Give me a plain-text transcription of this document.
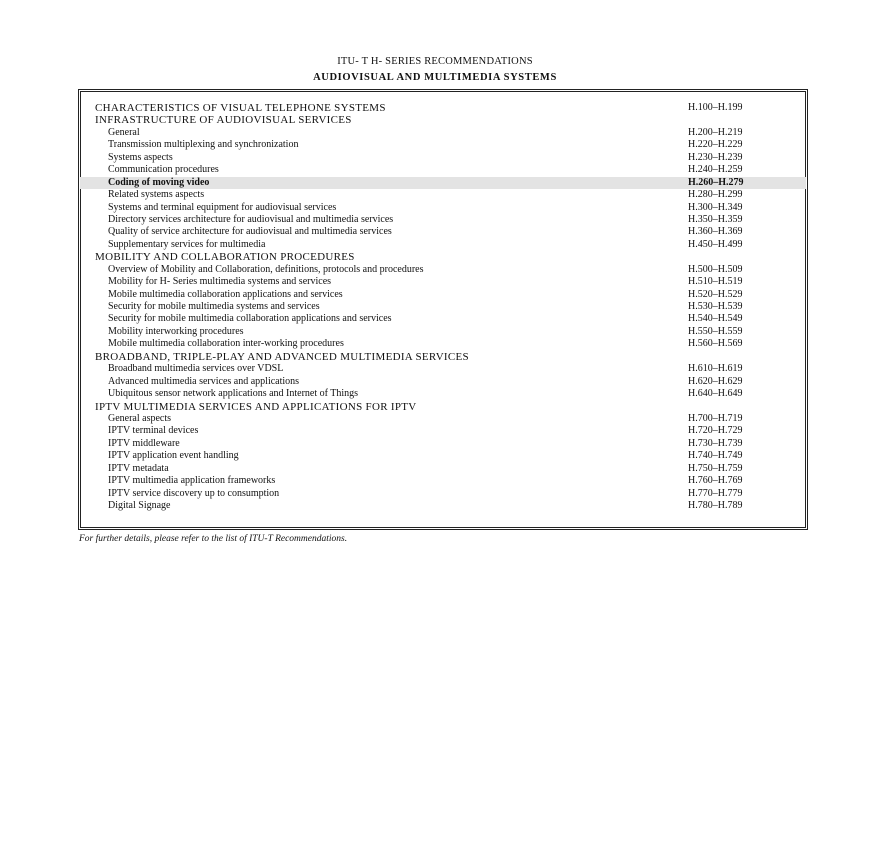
ITU- T H- SERIES RECOMMENDATIONS
AUDIOVISUAL AND MULTIMEDIA SYSTEMS
CHARACTERISTICS OF VISUAL TELEPHONE SYSTEMS	H.100–H.199
INFRASTRUCTURE OF AUDIOVISUAL SERVICES
General	H.200–H.219
Transmission multiplexing and synchronization	H.220–H.229
Systems aspects	H.230–H.239
Communication procedures	H.240–H.259
Coding of moving video	H.260–H.279
Related systems aspects	H.280–H.299
Systems and terminal equipment for audiovisual services	H.300–H.349
Directory services architecture for audiovisual and multimedia services	H.350–H.359
Quality of service architecture for audiovisual and multimedia services	H.360–H.369
Supplementary services for multimedia	H.450–H.499
MOBILITY AND COLLABORATION PROCEDURES
Overview of Mobility and Collaboration, definitions, protocols and procedures	H.500–H.509
Mobility for H- Series multimedia systems and services	H.510–H.519
Mobile multimedia collaboration applications and services	H.520–H.529
Security for mobile multimedia systems and services	H.530–H.539
Security for mobile multimedia collaboration applications and services	H.540–H.549
Mobility interworking procedures	H.550–H.559
Mobile multimedia collaboration inter-working procedures	H.560–H.569
BROADBAND, TRIPLE-PLAY AND ADVANCED MULTIMEDIA SERVICES
Broadband multimedia services over VDSL	H.610–H.619
Advanced multimedia services and applications	H.620–H.629
Ubiquitous sensor network applications and Internet of Things	H.640–H.649
IPTV MULTIMEDIA SERVICES AND APPLICATIONS FOR IPTV
General aspects	H.700–H.719
IPTV terminal devices	H.720–H.729
IPTV middleware	H.730–H.739
IPTV application event handling	H.740–H.749
IPTV metadata	H.750–H.759
IPTV multimedia application frameworks	H.760–H.769
IPTV service discovery up to consumption	H.770–H.779
Digital Signage	H.780–H.789
For further details, please refer to the list of ITU-T Recommendations.
